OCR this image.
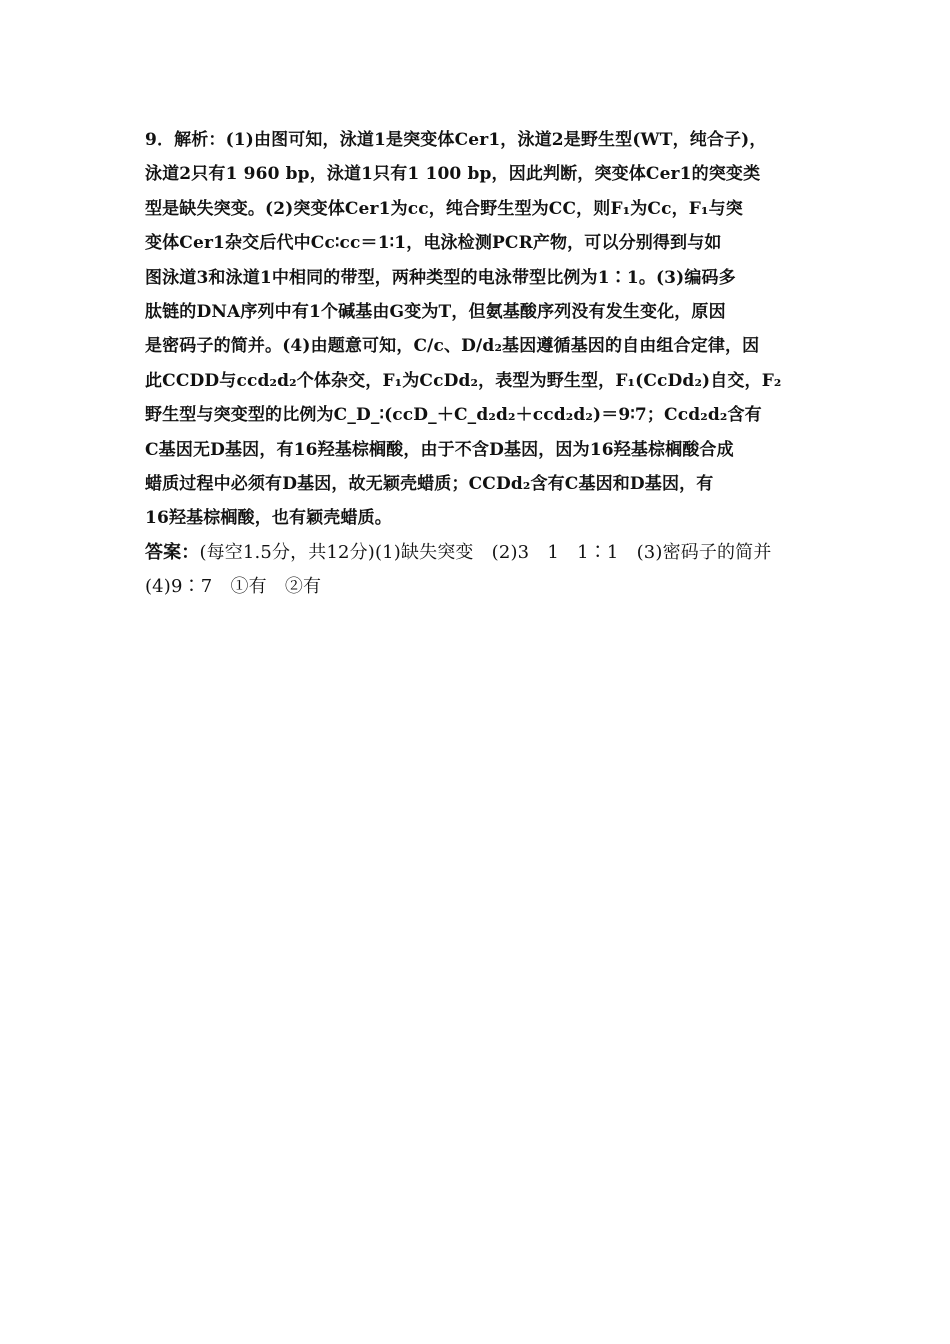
9．解析：(1)由图可知，泳道1是突变体Cer1，泳道2是野生型(WT，纯合子)，
泳道2只有1 960 bp，泳道1只有1 100 bp，因此判断，突变体Cer1的突变类
型是缺失突变。(2)突变体Cer1为cc，纯合野生型为CC，则F₁为Cc，F₁与突
变体Cer1杂交后代中Cc∶cc＝1∶1，电泳检测PCR产物，可以分别得到与如
图泳道3和泳道1中相同的带型，两种类型的电泳带型比例为1∶1。(3)编码多
肽链的DNA序列中有1个碱基由G变为T，但氨基酸序列没有发生变化，原因
是密码子的简并。(4)由题意可知，C/c、D/d₂基因遵循基因的自由组合定律，因
此CCDD与ccd₂d₂个体杂交，F₁为CcDd₂，表型为野生型，F₁(CcDd₂)自交，F₂
野生型与突变型的比例为C_D_∶(ccD_＋C_d₂d₂＋ccd₂d₂)＝9∶7；Ccd₂d₂含有
C基因无D基因，有16羟基棕榈酸，由于不含D基因，因为16羟基棕榈酸合成
蜡质过程中必须有D基因，故无颖壳蜡质；CCDd₂含有C基因和D基因，有
16羟基棕榈酸，也有颖壳蜡质。
答案：(每空1.5分，共12分)(1)缺失突变　(2)3　1　1∶1　(3)密码子的简并
(4)9∶7　①有　②有
